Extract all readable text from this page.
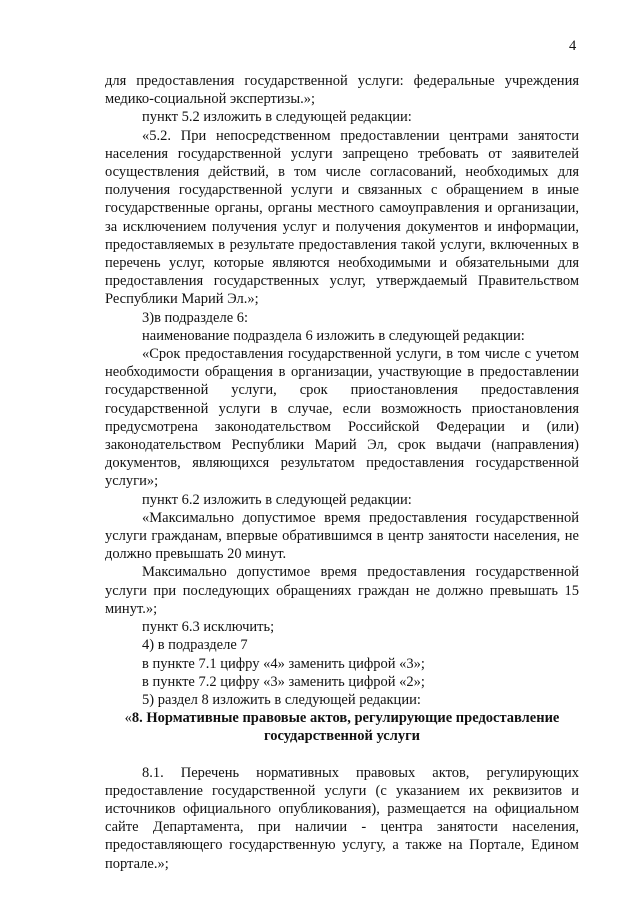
4

для предоставления государственной услуги: федеральные учреждения медико-социальной экспертизы.»;

пункт 5.2 изложить в следующей редакции:

«5.2. При непосредственном предоставлении центрами занятости населения государственной услуги запрещено требовать от заявителей осуществления действий, в том числе согласований, необходимых для получения государственной услуги и связанных с обращением в иные государственные органы, органы местного самоуправления и организации, за исключением получения услуг и получения документов и информации, предоставляемых в результате предоставления такой услуги, включенных в перечень услуг, которые являются необходимыми и обязательными для предоставления государственных услуг, утверждаемый Правительством Республики Марий Эл.»;

3)в подразделе 6:

наименование подраздела 6 изложить в следующей редакции:

«Срок предоставления государственной услуги, в том числе с учетом необходимости обращения в организации, участвующие в предоставлении государственной услуги, срок приостановления предоставления государственной услуги в случае, если возможность приостановления предусмотрена законодательством Российской Федерации и (или) законодательством Республики Марий Эл, срок выдачи (направления) документов, являющихся результатом предоставления государственной услуги»;

пункт 6.2 изложить в следующей редакции:

«Максимально допустимое время предоставления государственной услуги гражданам, впервые обратившимся в центр занятости населения, не должно превышать 20 минут.

Максимально допустимое время предоставления государственной услуги при последующих обращениях граждан не должно превышать 15 минут.»;

пункт 6.3 исключить;

4) в подразделе 7

в пункте 7.1 цифру «4» заменить цифрой «3»;

в пункте 7.2 цифру «3» заменить цифрой «2»;

5) раздел 8 изложить в следующей редакции:

«8. Нормативные правовые актов, регулирующие предоставление государственной услуги

8.1. Перечень нормативных правовых актов, регулирующих предоставление государственной услуги (с указанием их реквизитов и источников официального опубликования), размещается на официальном сайте Департамента, при наличии - центра занятости населения, предоставляющего государственную услугу, а также на Портале, Едином портале.»;
